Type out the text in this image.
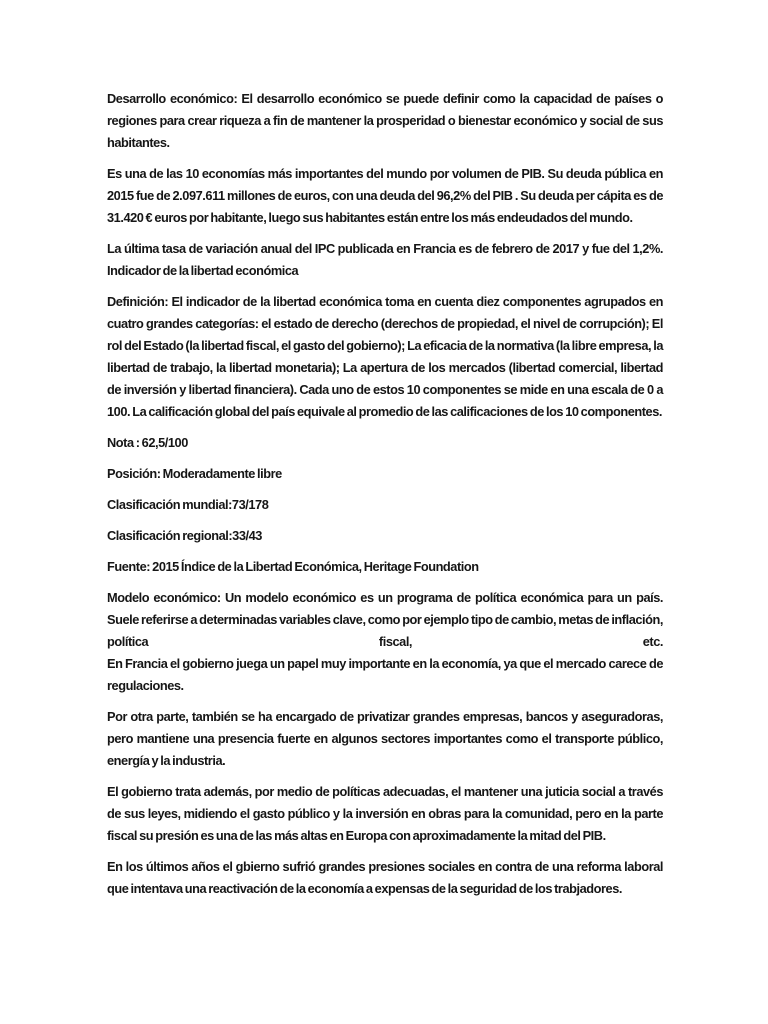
Desarrollo económico: El desarrollo económico se puede definir como la capacidad de países o regiones para crear riqueza a fin de mantener la prosperidad o bienestar económico y social de sus habitantes.

Es una de las 10 economías más importantes del mundo por volumen de PIB. Su deuda pública en 2015 fue de 2.097.611 millones de euros, con una deuda del 96,2% del PIB . Su deuda per cápita es de 31.420 € euros por habitante, luego sus habitantes están entre los más endeudados del mundo.

La última tasa de variación anual del IPC publicada en Francia es de febrero de 2017 y fue del 1,2%. Indicador de la libertad económica

Definición: El indicador de la libertad económica toma en cuenta diez componentes agrupados en cuatro grandes categorías: el estado de derecho (derechos de propiedad, el nivel de corrupción); El rol del Estado (la libertad fiscal, el gasto del gobierno); La eficacia de la normativa (la libre empresa, la libertad de trabajo, la libertad monetaria); La apertura de los mercados (libertad comercial, libertad de inversión y libertad financiera). Cada uno de estos 10 componentes se mide en una escala de 0 a 100. La calificación global del país equivale al promedio de las calificaciones de los 10 componentes.

Nota : 62,5/100

Posición: Moderadamente libre

Clasificación mundial:73/178

Clasificación regional:33/43

Fuente: 2015 Índice de la Libertad Económica, Heritage Foundation

Modelo económico: Un modelo económico es un programa de política económica para un país. Suele referirse a determinadas variables clave, como por ejemplo tipo de cambio, metas de inflación, política fiscal, etc.

En Francia el gobierno juega un papel muy importante en la economía, ya que el mercado carece de regulaciones.

Por otra parte, también se ha encargado de privatizar grandes empresas, bancos y aseguradoras, pero mantiene una presencia fuerte en algunos sectores importantes como el transporte público, energía y la industria.

El gobierno trata además, por medio de políticas adecuadas, el mantener una juticia social a través de sus leyes, midiendo el gasto público y la inversión en obras para la comunidad, pero en la parte fiscal su presión es una de las más altas en Europa con aproximadamente la mitad del PIB.

En los últimos años el gbierno sufrió grandes presiones sociales en contra de una reforma laboral que intentava una reactivación de la economía a expensas de la seguridad de los trabjadores.
